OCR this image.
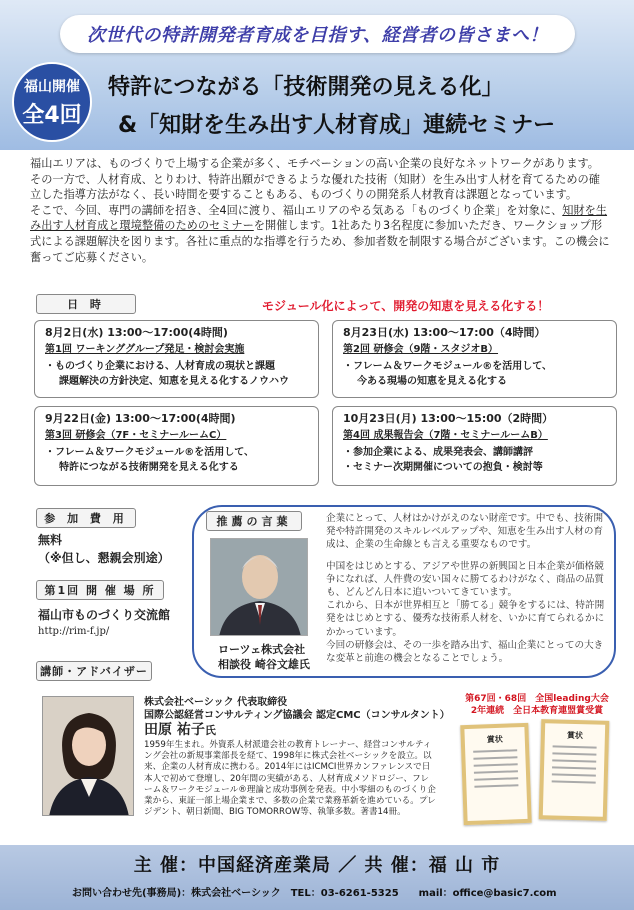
次世代の特許開発者育成を目指す、経営者の皆さまへ！
福山開催
全4回
特許につながる「技術開発の見える化」
&「知財を生み出す人材育成」連続セミナー

福山エリアは、ものづくりで上場する企業が多く、モチベーションの高い企業の良好なネットワークがあります。その一方で、人材育成、とりわけ、特許出願ができるような優れた技術（知財）を生み出す人材を育てるための確立した指導方法がなく、長い時間を要することもある、ものづくりの開発系人材教育は課題となっています。

そこで、今回、専門の講師を招き、全4回に渡り、福山エリアのやる気ある「ものづくり企業」を対象に、知財を生み出す人材育成と環境整備のためのセミナーを開催します。1社あたり3名程度に参加いただき、ワークショップ形式による課題解決を図ります。各社に重点的な指導を行うため、参加者数を制限する場合がございます。この機会に奮ってご応募ください。

日 時	モジュール化によって、開発の知恵を見える化する！
8月2日(水) 13:00～17:00(4時間)
第1回 ワーキンググループ発足・検討会実施
・ものづくり企業における、人材育成の現状と課題
課題解決の方針決定、知恵を見える化するノウハウ
8月23日(水) 13:00～17:00（4時間）
第2回 研修会（9階・スタジオB）
・フレーム＆ワークモジュール®を活用して、
今ある現場の知恵を見える化する
9月22日(金) 13:00～17:00(4時間)
第3回 研修会（7F・セミナールームC）
・フレーム＆ワークモジュール®を活用して、
特許につながる技術開発を見える化する
10月23日(月) 13:00～15:00（2時間）
第4回 成果報告会（7階・セミナールームB）
・参加企業による、成果発表会、講師講評
・セミナー次期開催についての抱負・検討等
参 加 費 用
無料
（※但し、懇親会別途）
第1回 開 催 場 所
福山市ものづくり交流館
http://rim-f.jp/
推薦の言葉
ローツェ株式会社
相談役 崎谷文雄氏

企業にとって、人材はかけがえのない財産です。中でも、技術開発や特許開発のスキルレベルアップや、知恵を生み出す人材の育成は、企業の生命線とも言える重要なものです。

中国をはじめとする、アジアや世界の新興国と日本企業が価格競争になれば、人件費の安い国々に勝てるわけがなく、商品の品質も、どんどん日本に追いついてきています。

これから、日本が世界相互と「勝てる」競争をするには、特許開発をはじめとする、優秀な技術系人材を、いかに育てられるかにかかっています。

今回の研修会は、その一歩を踏み出す、福山企業にとっての大きな変革と前進の機会となることでしょう。

講師・アドバイザー
株式会社ベーシック 代表取締役
国際公認経営コンサルティング協議会 認定CMC（コンサルタント）
田原 祐子氏
1959年生まれ。外資系人材派遣会社の教育トレーナー、経営コンサルティング会社の新規事業部長を経て、1998年に株式会社ベーシックを設立。以来、企業の人材育成に携わる。2014年にはICMCI世界カンファレンスで日本人で初めて登壇し、20年間の実績がある、人材育成メソドロジー、フレーム＆ワークモジュール®理論と成功事例を発表。中小零細のものづくり企業から、東証一部上場企業まで、多数の企業で業務革新を進めている。プレジデント、朝日新聞、BIG TOMORROW等、執筆多数。著書14冊。
第67回・68回　全国leading大会
2年連続　全日本教育連盟賞受賞
賞状	賞状
主 催：中国経済産業局 ／ 共 催：福 山 市
お問い合わせ先(事務局)：株式会社ベーシック　TEL：03-6261-5325　　mail：office@basic7.com
